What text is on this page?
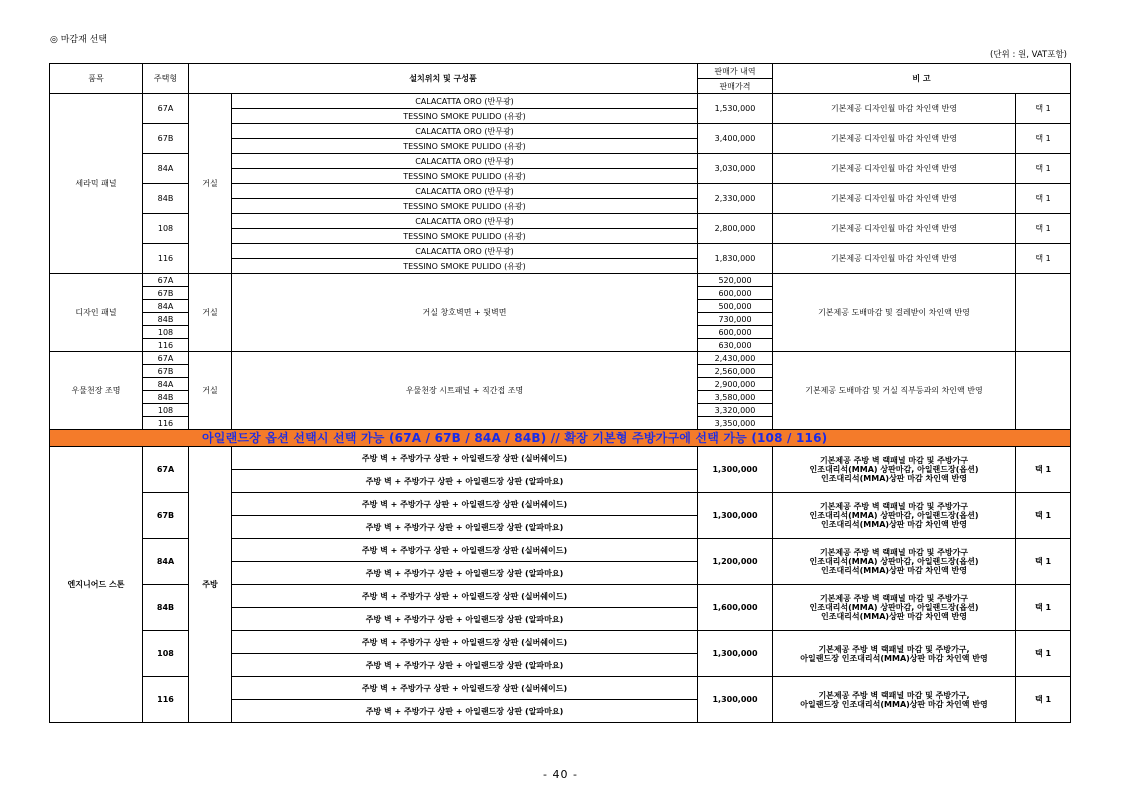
◎ 마감재 선택
(단위 : 원, VAT포함)
품목	주택형	설치위치 및 구성품		판매가 내역	비 고	
				판매가격		
세라믹 패널	67A	거실	CALACATTA ORO (반무광)	1,530,000	기본제공 디자인월 마감 차인액 반영	택 1
			TESSINO SMOKE PULIDO (유광)			
	67B		CALACATTA ORO (반무광)	3,400,000	기본제공 디자인월 마감 차인액 반영	택 1
			TESSINO SMOKE PULIDO (유광)			
	84A		CALACATTA ORO (반무광)	3,030,000	기본제공 디자인월 마감 차인액 반영	택 1
			TESSINO SMOKE PULIDO (유광)			
	84B		CALACATTA ORO (반무광)	2,330,000	기본제공 디자인월 마감 차인액 반영	택 1
			TESSINO SMOKE PULIDO (유광)			
	108		CALACATTA ORO (반무광)	2,800,000	기본제공 디자인월 마감 차인액 반영	택 1
			TESSINO SMOKE PULIDO (유광)			
	116		CALACATTA ORO (반무광)	1,830,000	기본제공 디자인월 마감 차인액 반영	택 1
			TESSINO SMOKE PULIDO (유광)			
디자인 패널	67A	거실	거실 창호벽면 + 뒷벽면	520,000	기본제공 도배마감 및 걸레받이 차인액 반영	
	67B			600,000		
	84A			500,000		
	84B			730,000		
	108			600,000		
	116			630,000		
우물천장 조명	67A	거실	우물천장 시트패널 + 직간접 조명	2,430,000	기본제공 도배마감 및 거실 직부등과의 차인액 반영	
	67B			2,560,000		
	84A			2,900,000		
	84B			3,580,000		
	108			3,320,000		
	116			3,350,000		
아일랜드장 옵션 선택시 선택 가능 (67A / 67B / 84A / 84B) // 확장 기본형 주방가구에 선택 가능 (108 / 116)						
엔지니어드 스톤	67A	주방	주방 벽 + 주방가구 상판 + 아일랜드장 상판 (실버쉐이드)	1,300,000	기본제공 주방 벽 랙패널 마감 및 주방가구
인조대리석(MMA) 상판마감, 아일랜드장(옵션)
인조대리석(MMA)상판 마감 차인액 반영	택 1
			주방 벽 + 주방가구 상판 + 아일랜드장 상판 (알파마요)			
	67B		주방 벽 + 주방가구 상판 + 아일랜드장 상판 (실버쉐이드)	1,300,000	기본제공 주방 벽 랙패널 마감 및 주방가구
인조대리석(MMA) 상판마감, 아일랜드장(옵션)
인조대리석(MMA)상판 마감 차인액 반영	택 1
			주방 벽 + 주방가구 상판 + 아일랜드장 상판 (알파마요)			
	84A		주방 벽 + 주방가구 상판 + 아일랜드장 상판 (실버쉐이드)	1,200,000	기본제공 주방 벽 랙패널 마감 및 주방가구
인조대리석(MMA) 상판마감, 아일랜드장(옵션)
인조대리석(MMA)상판 마감 차인액 반영	택 1
			주방 벽 + 주방가구 상판 + 아일랜드장 상판 (알파마요)			
	84B		주방 벽 + 주방가구 상판 + 아일랜드장 상판 (실버쉐이드)	1,600,000	기본제공 주방 벽 랙패널 마감 및 주방가구
인조대리석(MMA) 상판마감, 아일랜드장(옵션)
인조대리석(MMA)상판 마감 차인액 반영	택 1
			주방 벽 + 주방가구 상판 + 아일랜드장 상판 (알파마요)			
	108		주방 벽 + 주방가구 상판 + 아일랜드장 상판 (실버쉐이드)	1,300,000	기본제공 주방 벽 랙패널 마감 및 주방가구,
아일랜드장 인조대리석(MMA)상판 마감 차인액 반영	택 1
			주방 벽 + 주방가구 상판 + 아일랜드장 상판 (알파마요)			
	116		주방 벽 + 주방가구 상판 + 아일랜드장 상판 (실버쉐이드)	1,300,000	기본제공 주방 벽 랙패널 마감 및 주방가구,
아일랜드장 인조대리석(MMA)상판 마감 차인액 반영	택 1
			주방 벽 + 주방가구 상판 + 아일랜드장 상판 (알파마요)			
- 40 -
